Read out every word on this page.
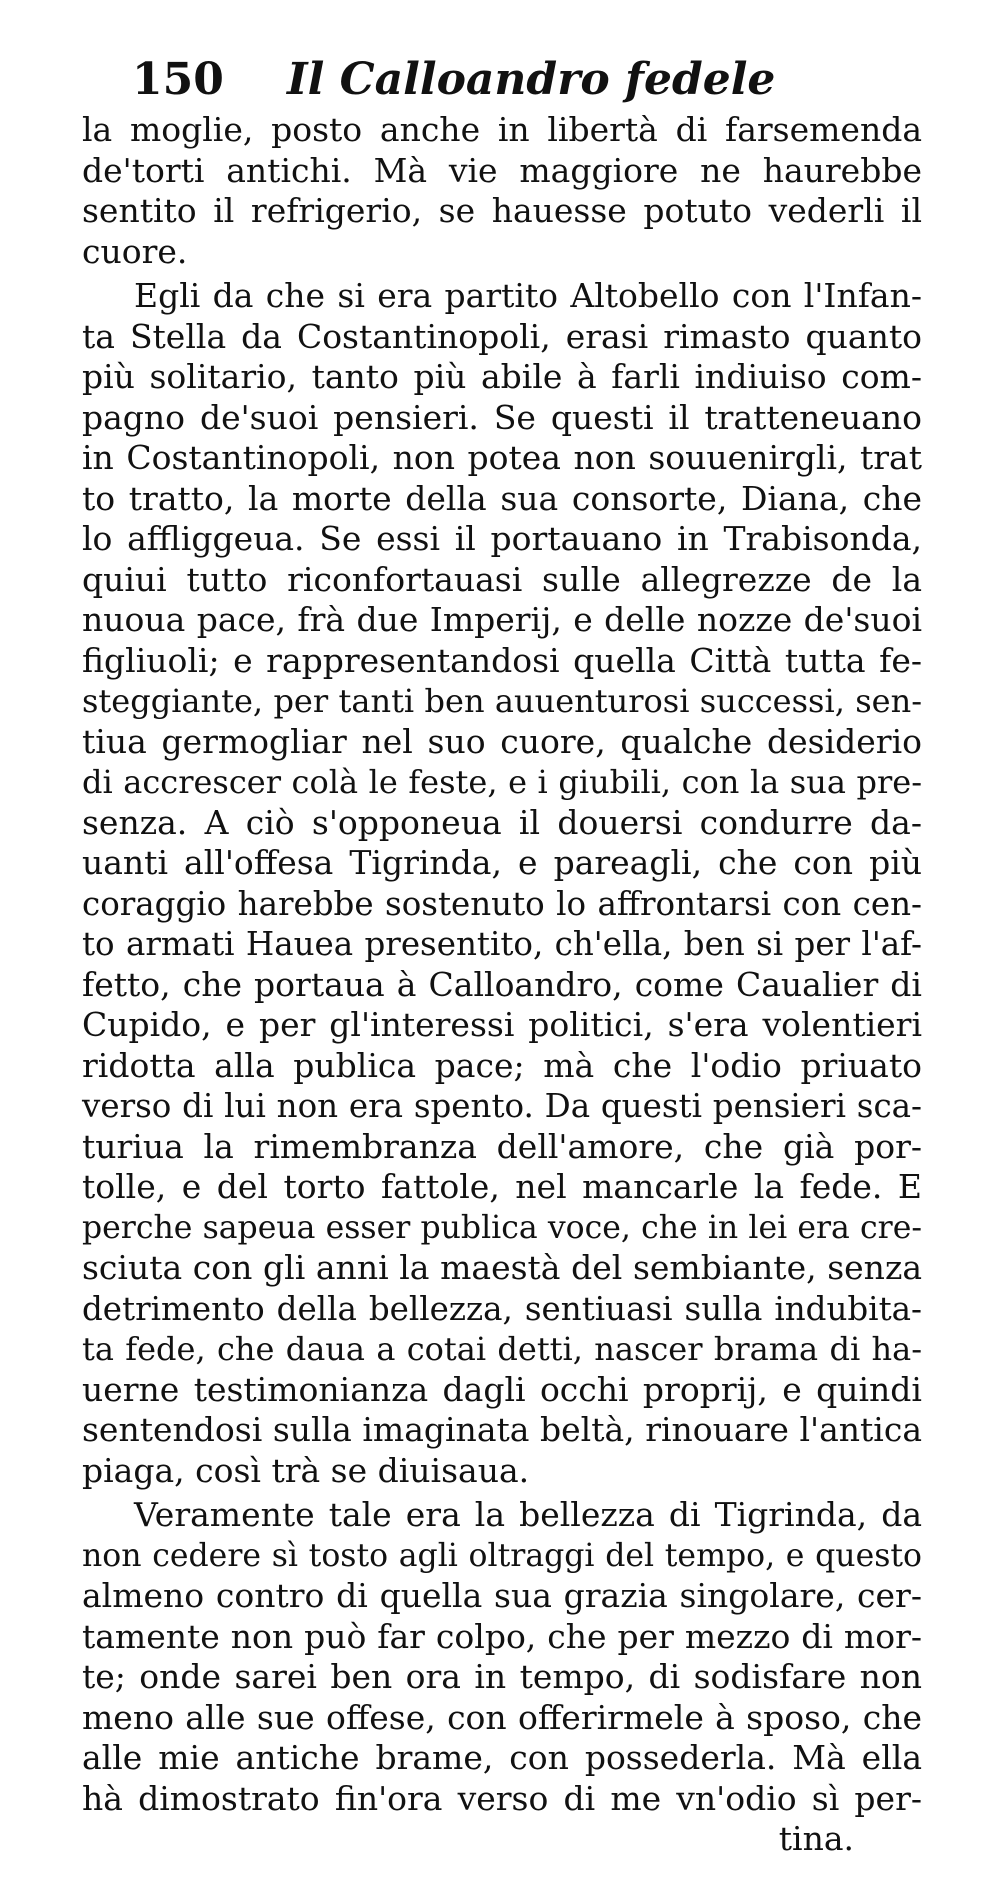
150 Il Calloandro fedele
la moglie, posto anche in libertà di farsemenda
de'torti antichi. Mà vie maggiore ne haurebbe
sentito il refrigerio, se hauesse potuto vederli il
cuore.
Egli da che si era partito Altobello con l'Infan-
ta Stella da Costantinopoli, erasi rimasto quanto
più solitario, tanto più abile à farli indiuiso com-
pagno de'suoi pensieri. Se questi il tratteneuano
in Costantinopoli, non potea non souuenirgli, trat
to tratto, la morte della sua consorte, Diana, che
lo affliggeua. Se essi il portauano in Trabisonda,
quiui tutto riconfortauasi sulle allegrezze de la
nuoua pace, frà due Imperij, e delle nozze de'suoi
figliuoli; e rappresentandosi quella Città tutta fe-
steggiante, per tanti ben auuenturosi successi, sen-
tiua germogliar nel suo cuore, qualche desiderio
di accrescer colà le feste, e i giubili, con la sua pre-
senza. A ciò s'opponeua il douersi condurre da-
uanti all'offesa Tigrinda, e pareagli, che con più
coraggio harebbe sostenuto lo affrontarsi con cen-
to armati Hauea presentito, ch'ella, ben si per l'af-
fetto, che portaua à Calloandro, come Caualier di
Cupido, e per gl'interessi politici, s'era volentieri
ridotta alla publica pace; mà che l'odio priuato
verso di lui non era spento. Da questi pensieri sca-
turiua la rimembranza dell'amore, che già por-
tolle, e del torto fattole, nel mancarle la fede. E
perche sapeua esser publica voce, che in lei era cre-
sciuta con gli anni la maestà del sembiante, senza
detrimento della bellezza, sentiuasi sulla indubita-
ta fede, che daua a cotai detti, nascer brama di ha-
uerne testimonianza dagli occhi proprij, e quindi
sentendosi sulla imaginata beltà, rinouare l'antica
piaga, così trà se diuisaua.
Veramente tale era la bellezza di Tigrinda, da
non cedere sì tosto agli oltraggi del tempo, e questo
almeno contro di quella sua grazia singolare, cer-
tamente non può far colpo, che per mezzo di mor-
te; onde sarei ben ora in tempo, di sodisfare non
meno alle sue offese, con offerirmele à sposo, che
alle mie antiche brame, con possederla. Mà ella
hà dimostrato fin'ora verso di me vn'odio sì per-
tina.
